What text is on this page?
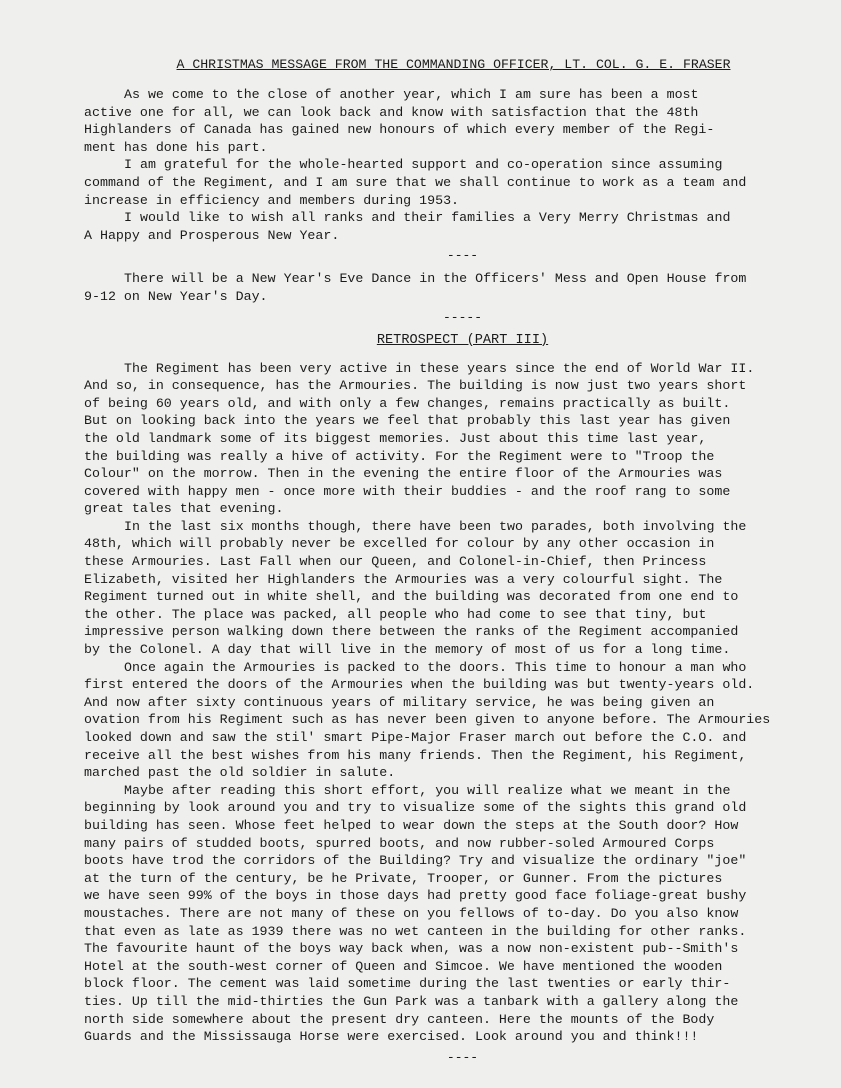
A CHRISTMAS MESSAGE FROM THE COMMANDING OFFICER, LT. COL. G. E. FRASER

As we come to the close of another year, which I am sure has been a most

active one for all, we can look back and know with satisfaction that the 48th

Highlanders of Canada has gained new honours of which every member of the Regi-

ment has done his part.

I am grateful for the whole-hearted support and co-operation since assuming

command of the Regiment, and I am sure that we shall continue to work as a team and

increase in efficiency and members during 1953.

I would like to wish all ranks and their families a Very Merry Christmas and

A Happy and Prosperous New Year.

----

There will be a New Year's Eve Dance in the Officers' Mess and Open House from

9-12 on New Year's Day.

-----
RETROSPECT (PART III)

The Regiment has been very active in these years since the end of World War II.

And so, in consequence, has the Armouries. The building is now just two years short

of being 60 years old, and with only a few changes, remains practically as built.

But on looking back into the years we feel that probably this last year has given

the old landmark some of its biggest memories. Just about this time last year,

the building was really a hive of activity. For the Regiment were to "Troop the

Colour" on the morrow. Then in the evening the entire floor of the Armouries was

covered with happy men - once more with their buddies - and the roof rang to some

great tales that evening.

In the last six months though, there have been two parades, both involving the

48th, which will probably never be excelled for colour by any other occasion in

these Armouries. Last Fall when our Queen, and Colonel-in-Chief, then Princess

Elizabeth, visited her Highlanders the Armouries was a very colourful sight. The

Regiment turned out in white shell, and the building was decorated from one end to

the other. The place was packed, all people who had come to see that tiny, but

impressive person walking down there between the ranks of the Regiment accompanied

by the Colonel. A day that will live in the memory of most of us for a long time.

Once again the Armouries is packed to the doors. This time to honour a man who

first entered the doors of the Armouries when the building was but twenty-years old.

And now after sixty continuous years of military service, he was being given an

ovation from his Regiment such as has never been given to anyone before. The Armouries

looked down and saw the stil' smart Pipe-Major Fraser march out before the C.O. and

receive all the best wishes from his many friends. Then the Regiment, his Regiment,

marched past the old soldier in salute.

Maybe after reading this short effort, you will realize what we meant in the

beginning by look around you and try to visualize some of the sights this grand old

building has seen. Whose feet helped to wear down the steps at the South door? How

many pairs of studded boots, spurred boots, and now rubber-soled Armoured Corps

boots have trod the corridors of the Building? Try and visualize the ordinary "joe"

at the turn of the century, be he Private, Trooper, or Gunner. From the pictures

we have seen 99% of the boys in those days had pretty good face foliage-great bushy

moustaches. There are not many of these on you fellows of to-day. Do you also know

that even as late as 1939 there was no wet canteen in the building for other ranks.

The favourite haunt of the boys way back when, was a now non-existent pub--Smith's

Hotel at the south-west corner of Queen and Simcoe. We have mentioned the wooden

block floor. The cement was laid sometime during the last twenties or early thir-

ties. Up till the mid-thirties the Gun Park was a tanbark with a gallery along the

north side somewhere about the present dry canteen. Here the mounts of the Body

Guards and the Mississauga Horse were exercised. Look around you and think!!!

----
